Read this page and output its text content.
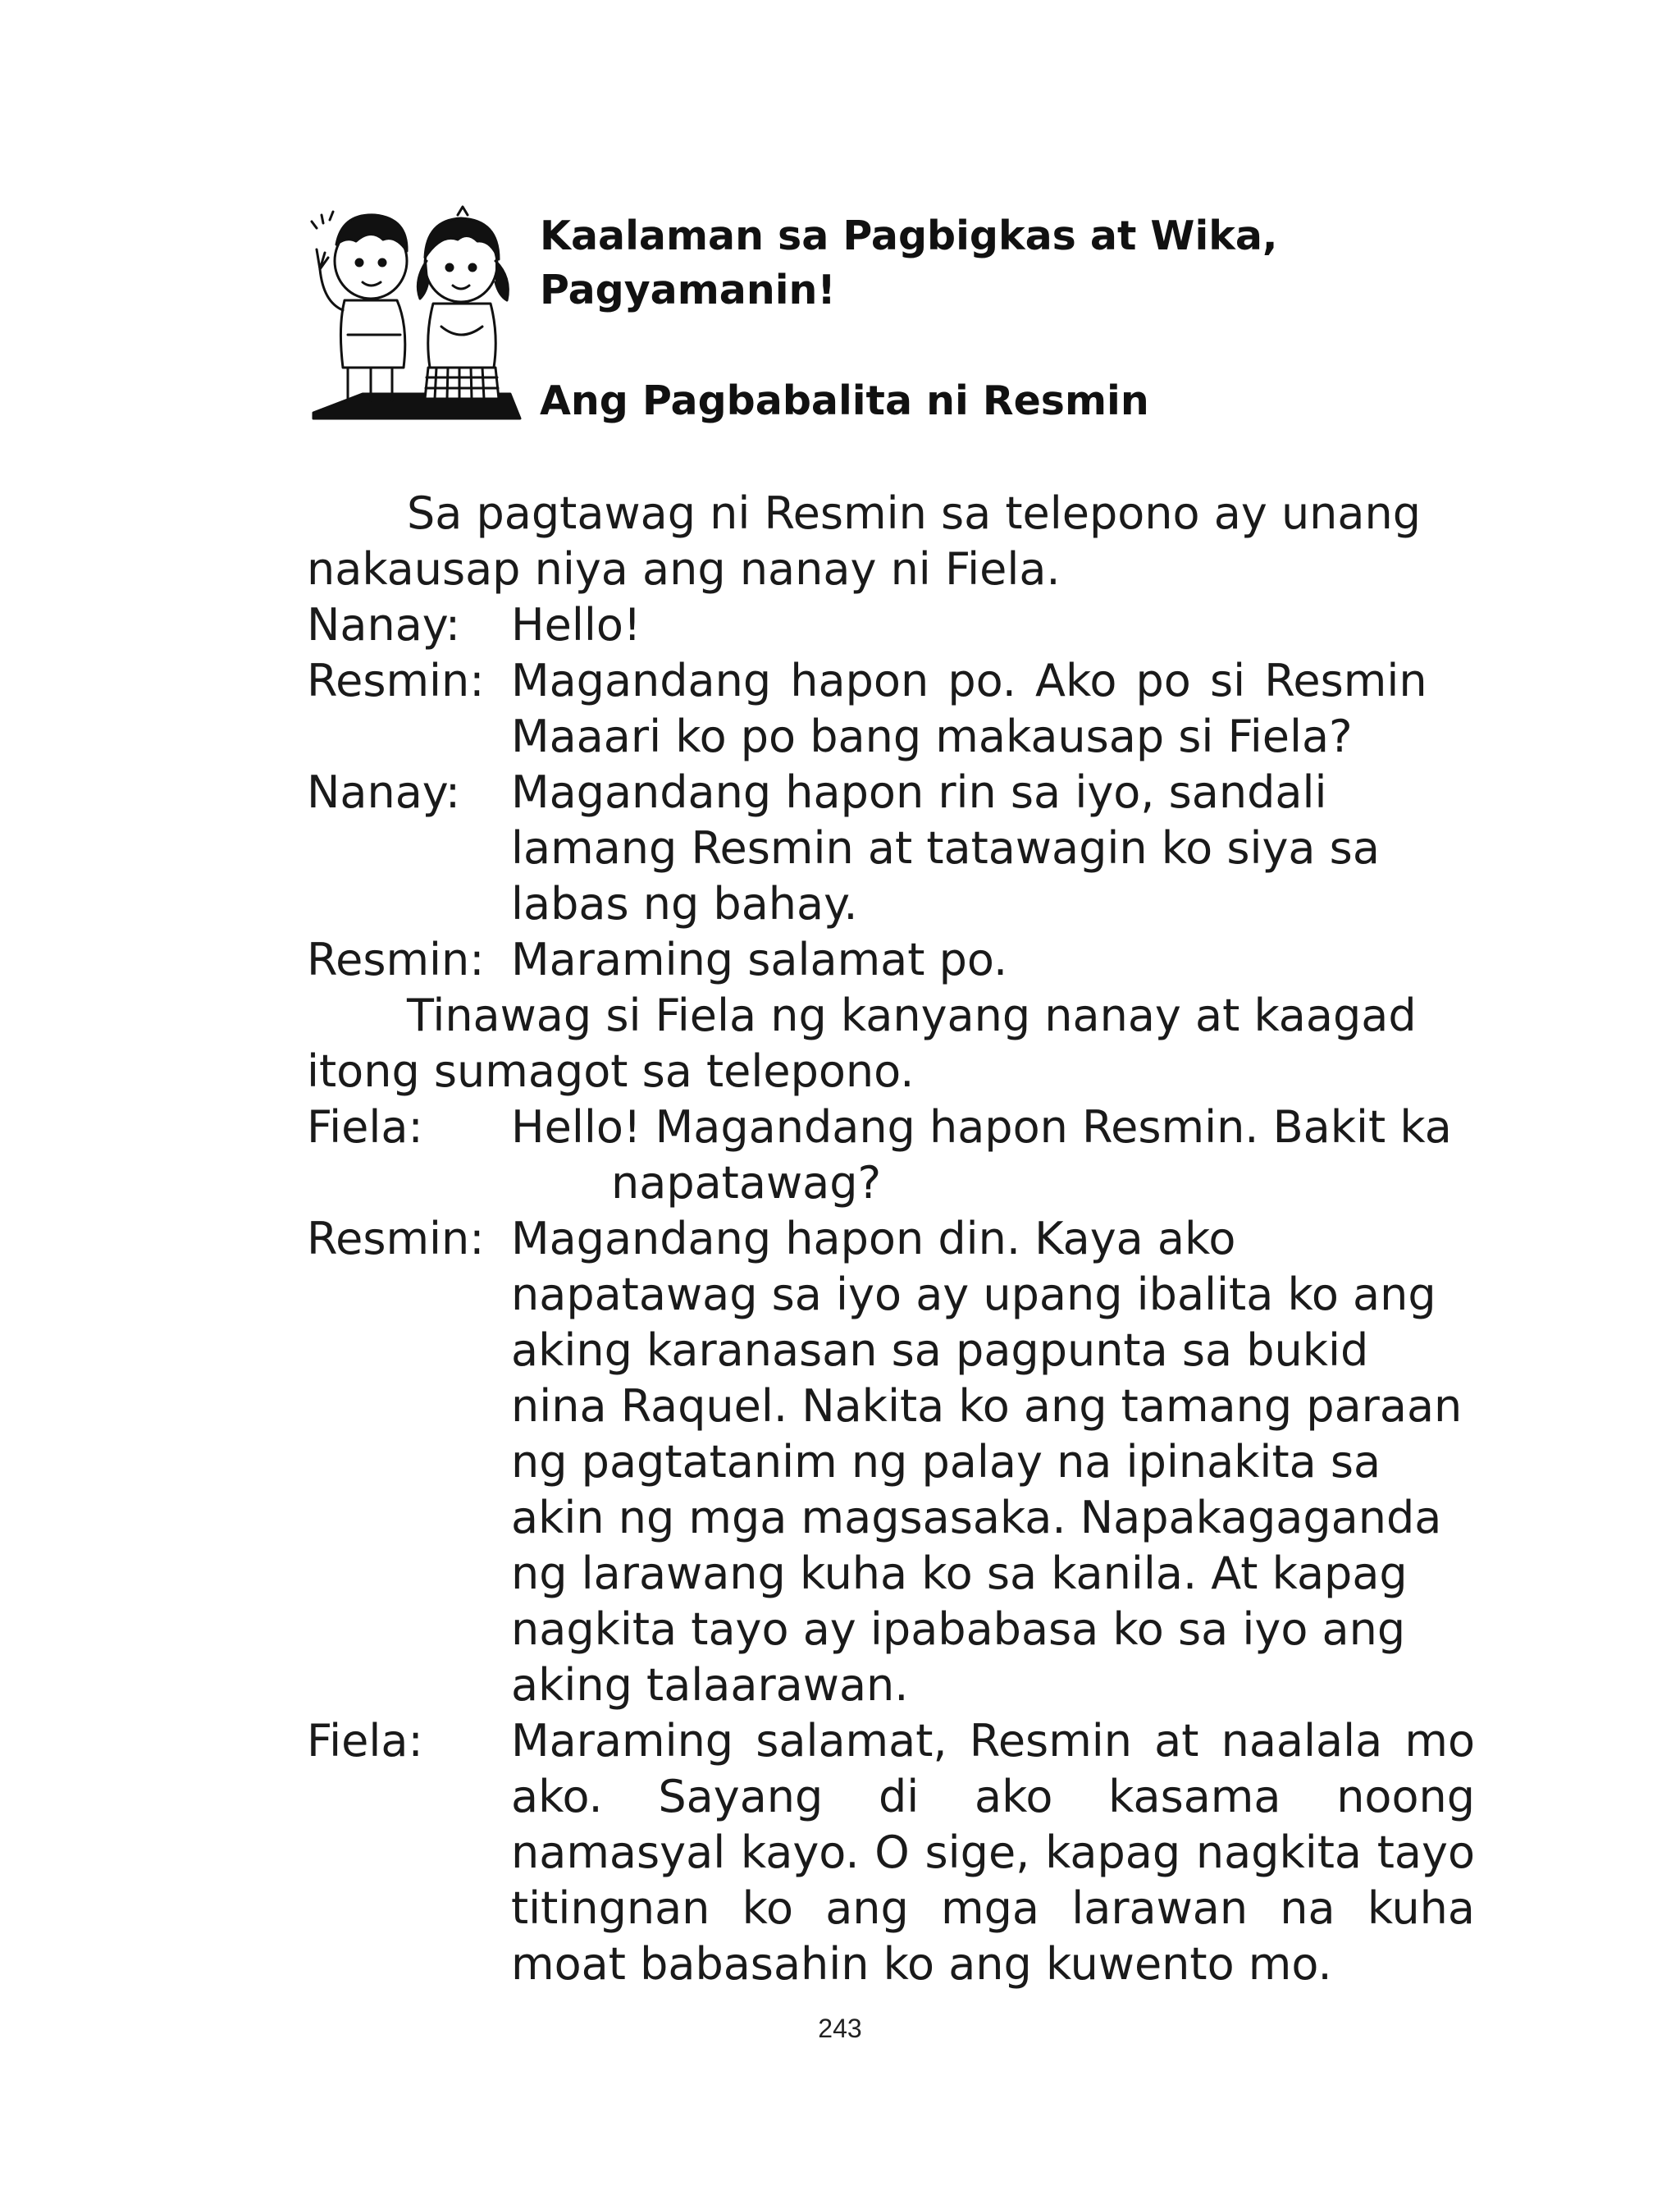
Kaalaman sa Pagbigkas at Wika,
Pagyamanin!
Ang Pagbabalita ni Resmin
Sa pagtawag ni Resmin sa telepono ay unang
nakausap niya ang nanay ni Fiela.
Nanay: Hello!
Resmin: Magandang hapon po. Ako po si Resmin
Maaari ko po bang makausap si Fiela?
Nanay: Magandang hapon rin sa iyo, sandali
lamang Resmin at tatawagin ko siya sa
labas ng bahay.
Resmin: Maraming salamat po.
Tinawag si Fiela ng kanyang nanay at kaagad
itong sumagot sa telepono.
Fiela: Hello! Magandang hapon Resmin. Bakit ka
napatawag?
Resmin: Magandang hapon din. Kaya ako
napatawag sa iyo ay upang ibalita ko ang
aking karanasan sa pagpunta sa bukid
nina Raquel. Nakita ko ang tamang paraan
ng pagtatanim ng palay na ipinakita sa
akin ng mga magsasaka. Napakagaganda
ng larawang kuha ko sa kanila. At kapag
nagkita tayo ay ipababasa ko sa iyo ang
aking talaarawan.
Fiela: Maraming salamat, Resmin at naalala mo
ako. Sayang di ako kasama noong
namasyal kayo. O sige, kapag nagkita tayo
titingnan ko ang mga larawan na kuha
moat babasahin ko ang kuwento mo.
243
